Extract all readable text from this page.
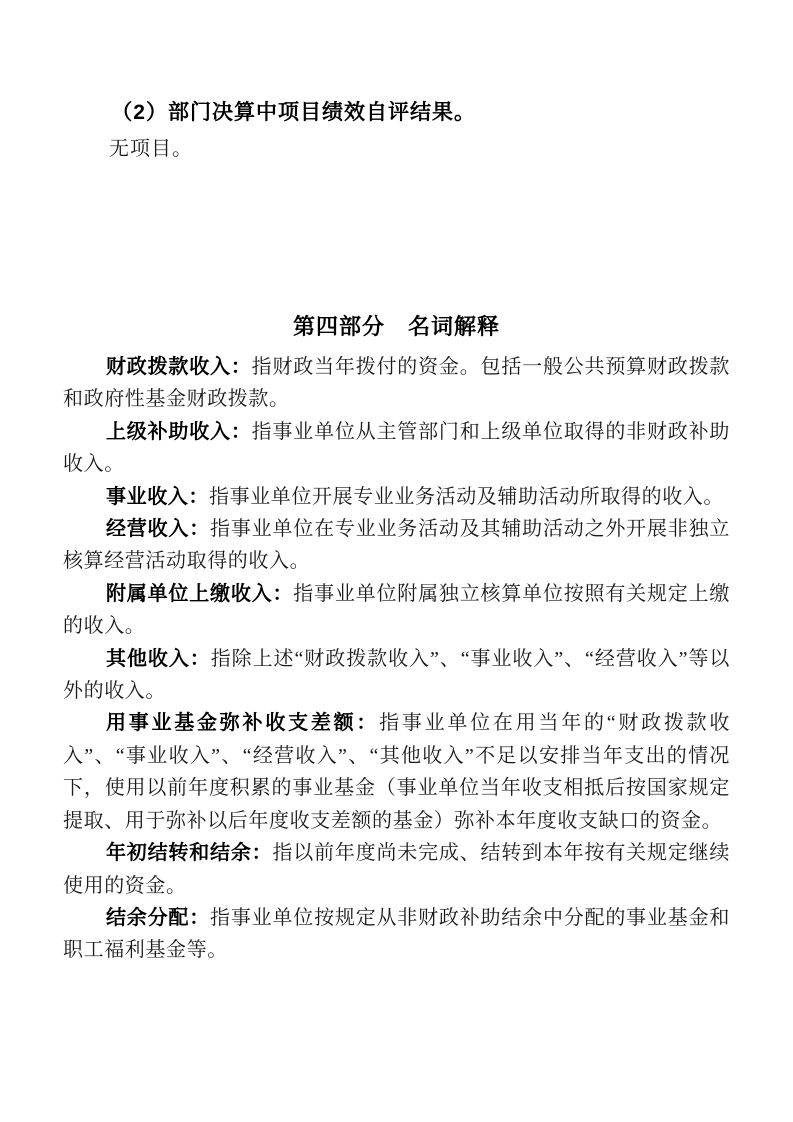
（2）部门决算中项目绩效自评结果。

无项目。

第四部分　名词解释

财政拨款收入：指财政当年拨付的资金。包括一般公共预算财政拨款和政府性基金财政拨款。

上级补助收入：指事业单位从主管部门和上级单位取得的非财政补助收入。

事业收入：指事业单位开展专业业务活动及辅助活动所取得的收入。

经营收入：指事业单位在专业业务活动及其辅助活动之外开展非独立核算经营活动取得的收入。

附属单位上缴收入：指事业单位附属独立核算单位按照有关规定上缴的收入。

其他收入：指除上述“财政拨款收入”、“事业收入”、“经营收入”等以外的收入。

用事业基金弥补收支差额：指事业单位在用当年的“财政拨款收入”、“事业收入”、“经营收入”、“其他收入”不足以安排当年支出的情况下，使用以前年度积累的事业基金（事业单位当年收支相抵后按国家规定提取、用于弥补以后年度收支差额的基金）弥补本年度收支缺口的资金。

年初结转和结余：指以前年度尚未完成、结转到本年按有关规定继续使用的资金。

结余分配：指事业单位按规定从非财政补助结余中分配的事业基金和职工福利基金等。
